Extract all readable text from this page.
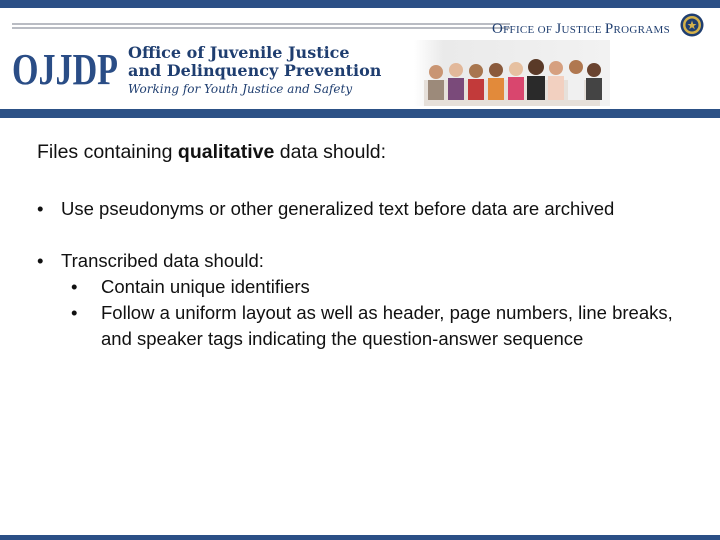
OFFICE OF JUSTICE PROGRAMS
OJJDP Office of Juvenile Justice
and Delinquency Prevention
Working for Youth Justice and Safety

Files containing qualitative data should:

• Use pseudonyms or other generalized text before data are archived
• Transcribed data should:
• Contain unique identifiers
• Follow a uniform layout as well as header, page numbers, line breaks, and speaker tags indicating the question-answer sequence
